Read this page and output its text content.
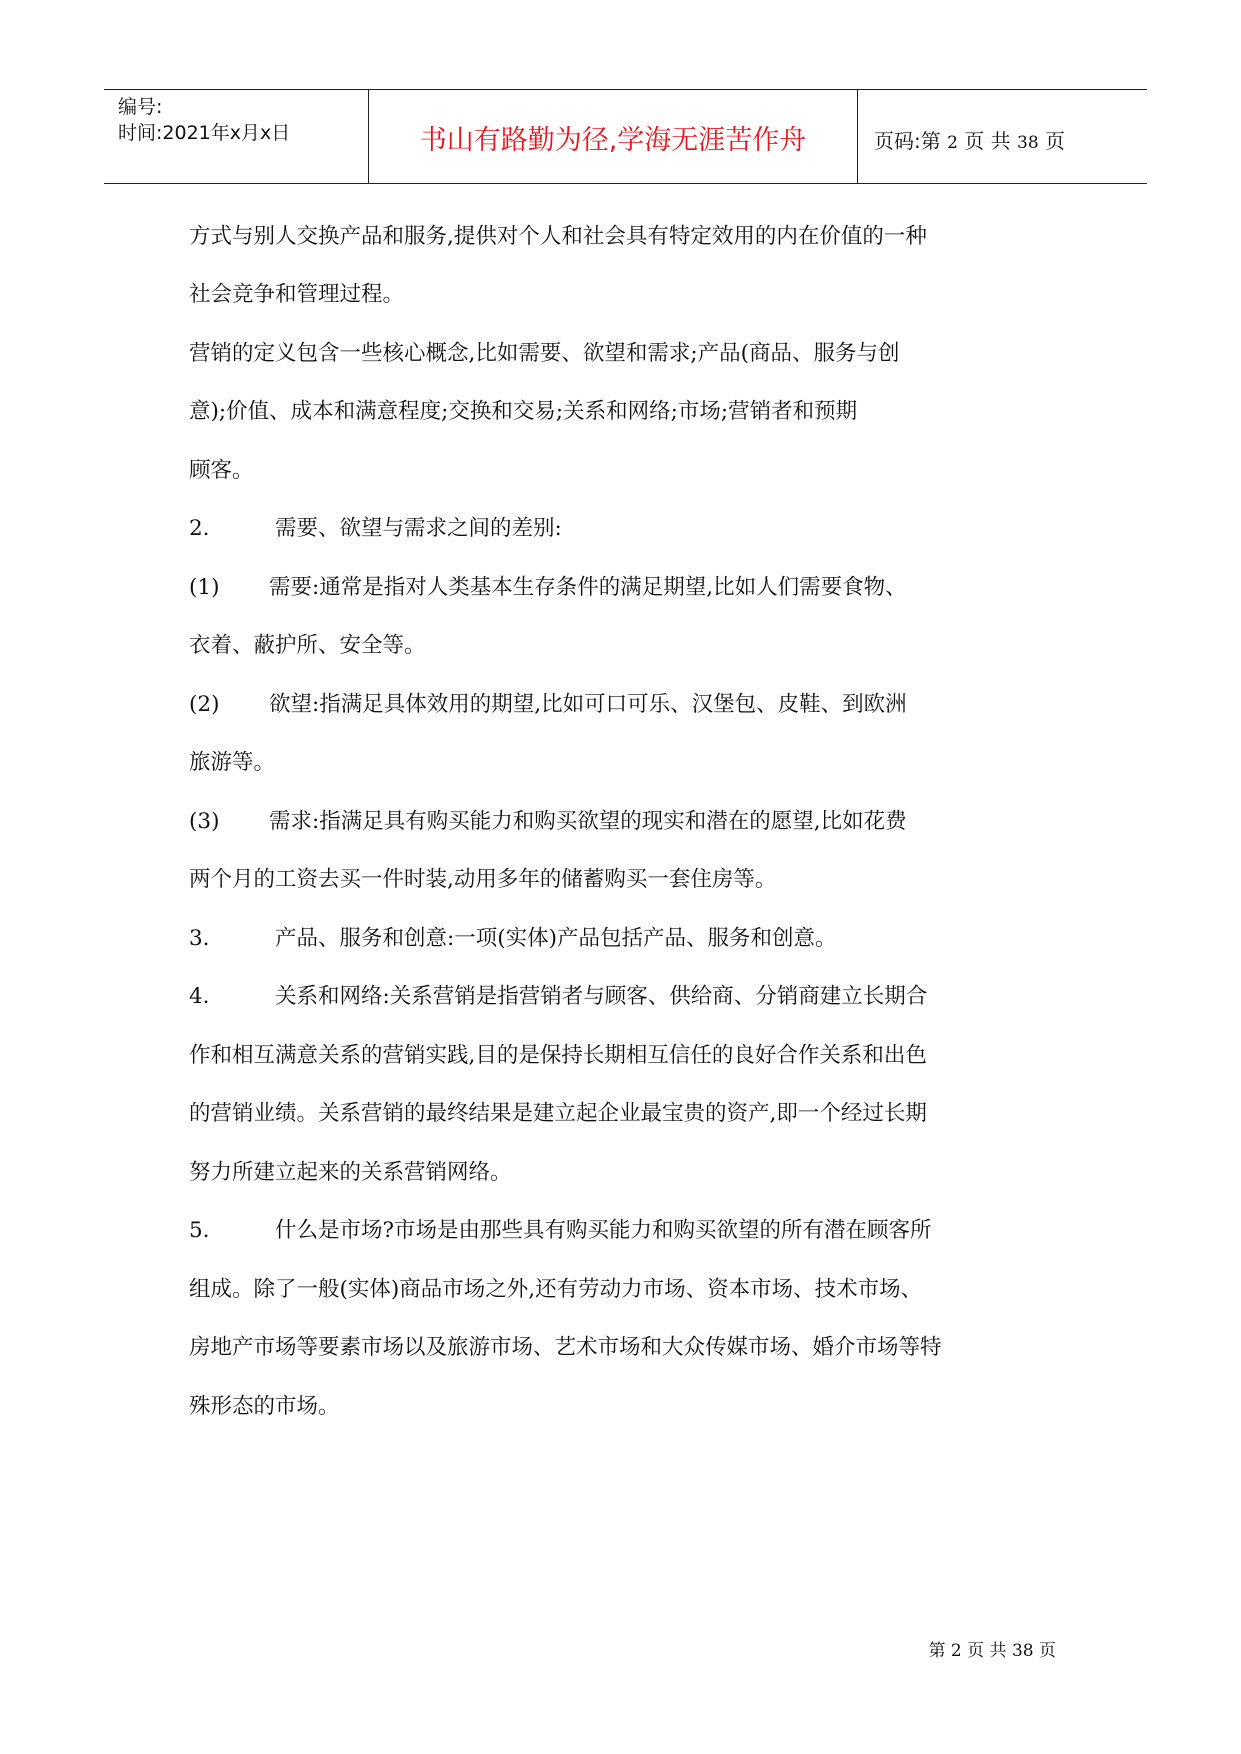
编号:
时间:2021年x月x日	书山有路勤为径,学海无涯苦作舟	页码:第 2 页 共 38 页
方式与别人交换产品和服务,提供对个人和社会具有特定效用的内在价值的一种
社会竞争和管理过程。
营销的定义包含一些核心概念,比如需要、欲望和需求;产品(商品、服务与创
意);价值、成本和满意程度;交换和交易;关系和网络;市场;营销者和预期
顾客。
2.	需要、欲望与需求之间的差别:
(1) 需要:通常是指对人类基本生存条件的满足期望,比如人们需要食物、
衣着、蔽护所、安全等。
(2) 欲望:指满足具体效用的期望,比如可口可乐、汉堡包、皮鞋、到欧洲
旅游等。
(3) 需求:指满足具有购买能力和购买欲望的现实和潜在的愿望,比如花费
两个月的工资去买一件时装,动用多年的储蓄购买一套住房等。
3.	产品、服务和创意:一项(实体)产品包括产品、服务和创意。
4.	关系和网络:关系营销是指营销者与顾客、供给商、分销商建立长期合
作和相互满意关系的营销实践,目的是保持长期相互信任的良好合作关系和出色
的营销业绩。关系营销的最终结果是建立起企业最宝贵的资产,即一个经过长期
努力所建立起来的关系营销网络。
5.	什么是市场?市场是由那些具有购买能力和购买欲望的所有潜在顾客所
组成。除了一般(实体)商品市场之外,还有劳动力市场、资本市场、技术市场、
房地产市场等要素市场以及旅游市场、艺术市场和大众传媒市场、婚介市场等特
殊形态的市场。
第 2 页 共 38 页
